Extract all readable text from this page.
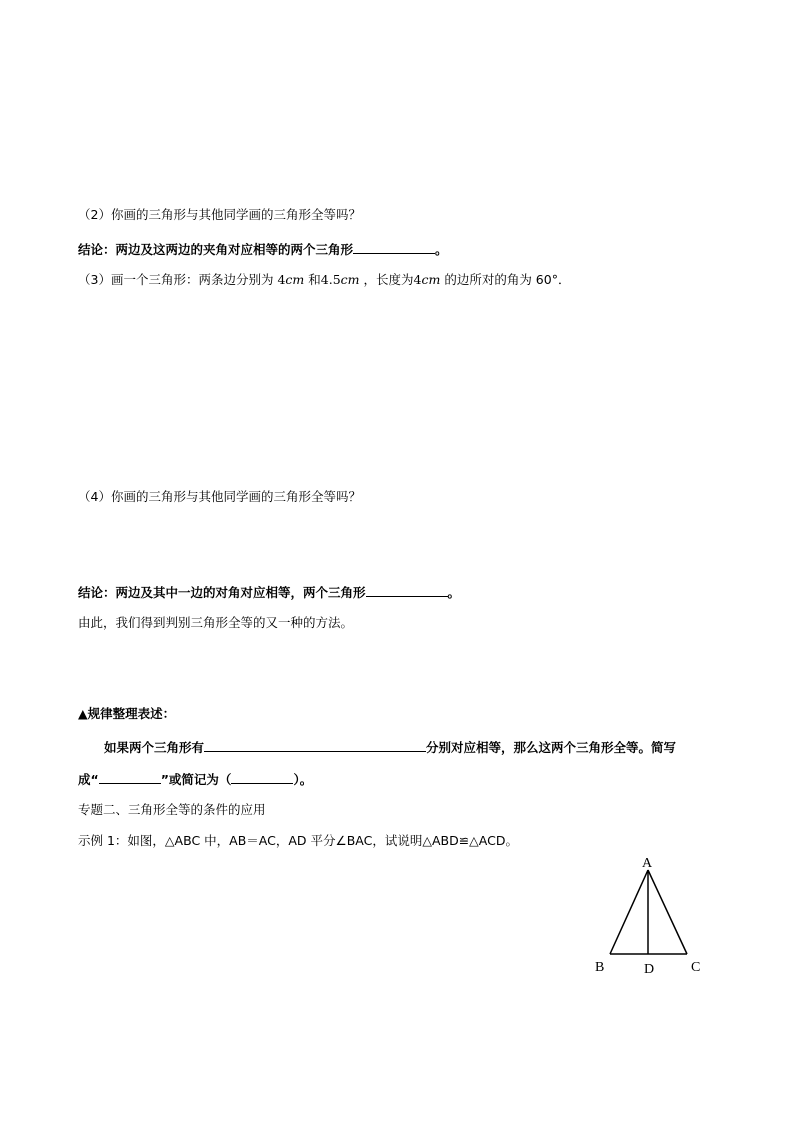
（2）你画的三角形与其他同学画的三角形全等吗？
结论：两边及这两边的夹角对应相等的两个三角形	。
（3）画一个三角形：两条边分别为 4cm 和4.5cm ，长度为4cm 的边所对的角为 60°．
（4）你画的三角形与其他同学画的三角形全等吗？
结论：两边及其中一边的对角对应相等，两个三角形	。
由此，我们得到判别三角形全等的又一种的方法。
▲规律整理表述：
如果两个三角形有	分别对应相等，那么这两个三角形全等。简写
成“	”或简记为（	）。
专题二、三角形全等的条件的应用
示例 1：如图，△ABC 中，AB＝AC，AD 平分∠BAC，试说明△ABD≌△ACD。
A
B	D	C
